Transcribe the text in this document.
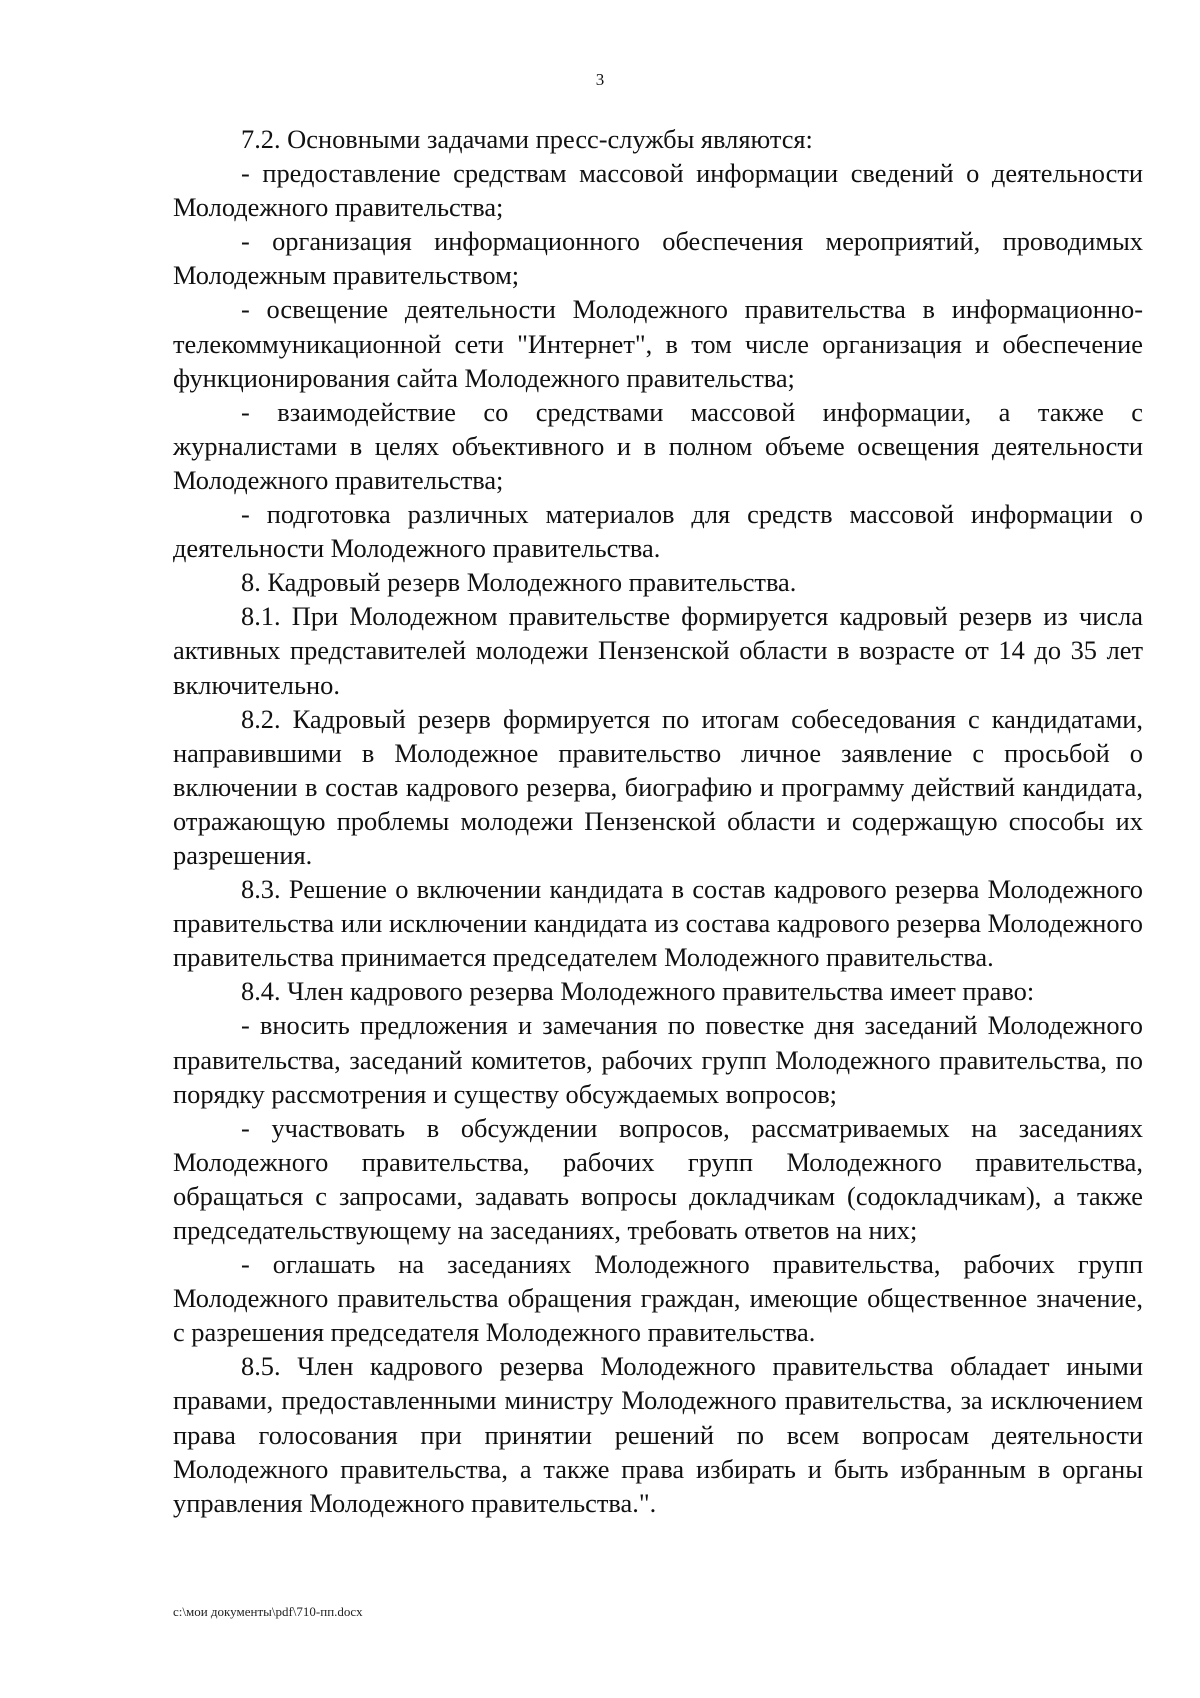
3

7.2. Основными задачами пресс-службы являются:

- предоставление средствам массовой информации сведений о деятельности Молодежного правительства;

- организация информационного обеспечения мероприятий, проводимых Молодежным правительством;

- освещение деятельности Молодежного правительства в информационно-телекоммуникационной сети "Интернет", в том числе организация и обеспечение функционирования сайта Молодежного правительства;

- взаимодействие со средствами массовой информации, а также с журналистами в целях объективного и в полном объеме освещения деятельности Молодежного правительства;

- подготовка различных материалов для средств массовой информации о деятельности Молодежного правительства.

8. Кадровый резерв Молодежного правительства.

8.1. При Молодежном правительстве формируется кадровый резерв из числа активных представителей молодежи Пензенской области в возрасте от 14 до 35 лет включительно.

8.2. Кадровый резерв формируется по итогам собеседования с кандидатами, направившими в Молодежное правительство личное заявление с просьбой о включении в состав кадрового резерва, биографию и программу действий кандидата, отражающую проблемы молодежи Пензенской области и содержащую способы их разрешения.

8.3. Решение о включении кандидата в состав кадрового резерва Молодежного правительства или исключении кандидата из состава кадрового резерва Молодежного правительства принимается председателем Молодежного правительства.

8.4. Член кадрового резерва Молодежного правительства имеет право:

- вносить предложения и замечания по повестке дня заседаний Молодежного правительства, заседаний комитетов, рабочих групп Молодежного правительства, по порядку рассмотрения и существу обсуждаемых вопросов;

- участвовать в обсуждении вопросов, рассматриваемых на заседаниях Молодежного правительства, рабочих групп Молодежного правительства, обращаться с запросами, задавать вопросы докладчикам (содокладчикам), а также председательствующему на заседаниях, требовать ответов на них;

- оглашать на заседаниях Молодежного правительства, рабочих групп Молодежного правительства обращения граждан, имеющие общественное значение, с разрешения председателя Молодежного правительства.

8.5. Член кадрового резерва Молодежного правительства обладает иными правами, предоставленными министру Молодежного правительства, за исключением права голосования при принятии решений по всем вопросам деятельности Молодежного правительства, а также права избирать и быть избранным в органы управления Молодежного правительства.".

c:\мои документы\pdf\710-пп.docx
